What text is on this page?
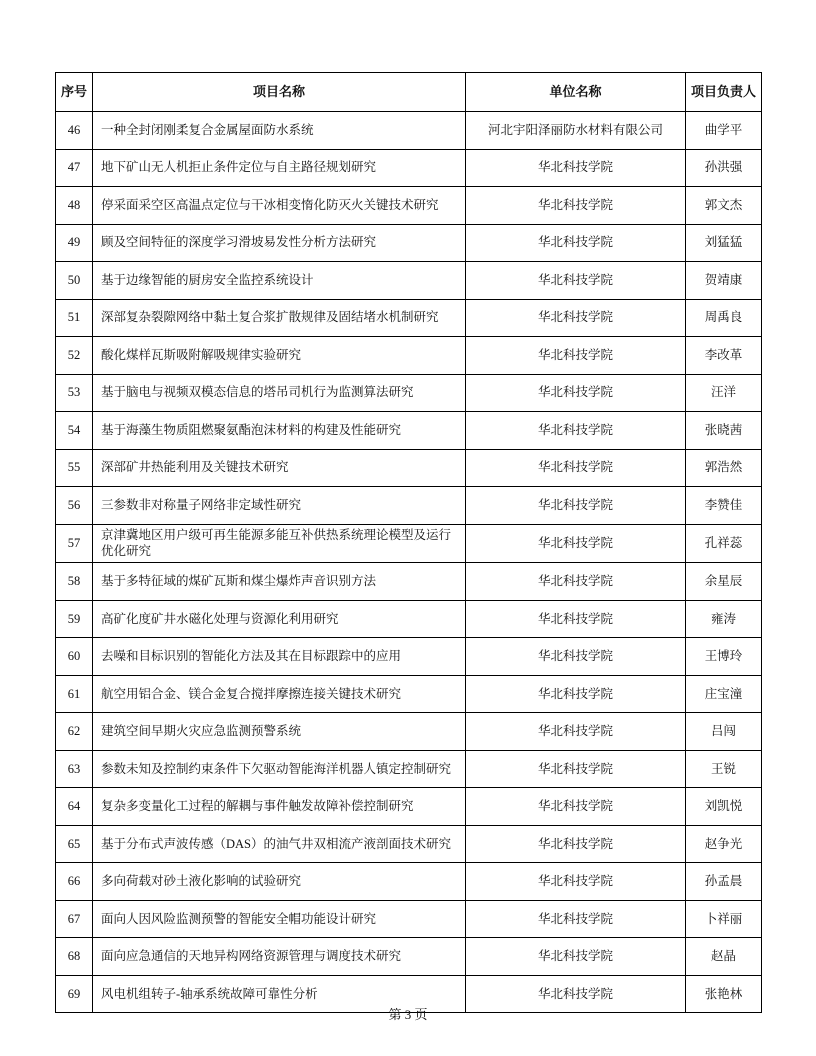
序号	项目名称	单位名称	项目负责人
46	一种全封闭刚柔复合金属屋面防水系统	河北宇阳泽丽防水材料有限公司	曲学平
47	地下矿山无人机拒止条件定位与自主路径规划研究	华北科技学院	孙洪强
48	停采面采空区高温点定位与干冰相变惰化防灭火关键技术研究	华北科技学院	郭文杰
49	顾及空间特征的深度学习滑坡易发性分析方法研究	华北科技学院	刘猛猛
50	基于边缘智能的厨房安全监控系统设计	华北科技学院	贺靖康
51	深部复杂裂隙网络中黏土复合浆扩散规律及固结堵水机制研究	华北科技学院	周禹良
52	酸化煤样瓦斯吸附解吸规律实验研究	华北科技学院	李改革
53	基于脑电与视频双模态信息的塔吊司机行为监测算法研究	华北科技学院	汪洋
54	基于海藻生物质阻燃聚氨酯泡沫材料的构建及性能研究	华北科技学院	张晓茜
55	深部矿井热能利用及关键技术研究	华北科技学院	郭浩然
56	三参数非对称量子网络非定域性研究	华北科技学院	李赞佳
57	京津冀地区用户级可再生能源多能互补供热系统理论模型及运行优化研究	华北科技学院	孔祥蕊
58	基于多特征域的煤矿瓦斯和煤尘爆炸声音识别方法	华北科技学院	余星辰
59	高矿化度矿井水磁化处理与资源化利用研究	华北科技学院	雍涛
60	去噪和目标识别的智能化方法及其在目标跟踪中的应用	华北科技学院	王博玲
61	航空用铝合金、镁合金复合搅拌摩擦连接关键技术研究	华北科技学院	庄宝潼
62	建筑空间早期火灾应急监测预警系统	华北科技学院	吕闯
63	参数未知及控制约束条件下欠驱动智能海洋机器人镇定控制研究	华北科技学院	王锐
64	复杂多变量化工过程的解耦与事件触发故障补偿控制研究	华北科技学院	刘凯悦
65	基于分布式声波传感（DAS）的油气井双相流产液剖面技术研究	华北科技学院	赵争光
66	多向荷载对砂土液化影响的试验研究	华北科技学院	孙孟晨
67	面向人因风险监测预警的智能安全帽功能设计研究	华北科技学院	卜祥丽
68	面向应急通信的天地异构网络资源管理与调度技术研究	华北科技学院	赵晶
69	风电机组转子-轴承系统故障可靠性分析	华北科技学院	张艳林
第 3 页
